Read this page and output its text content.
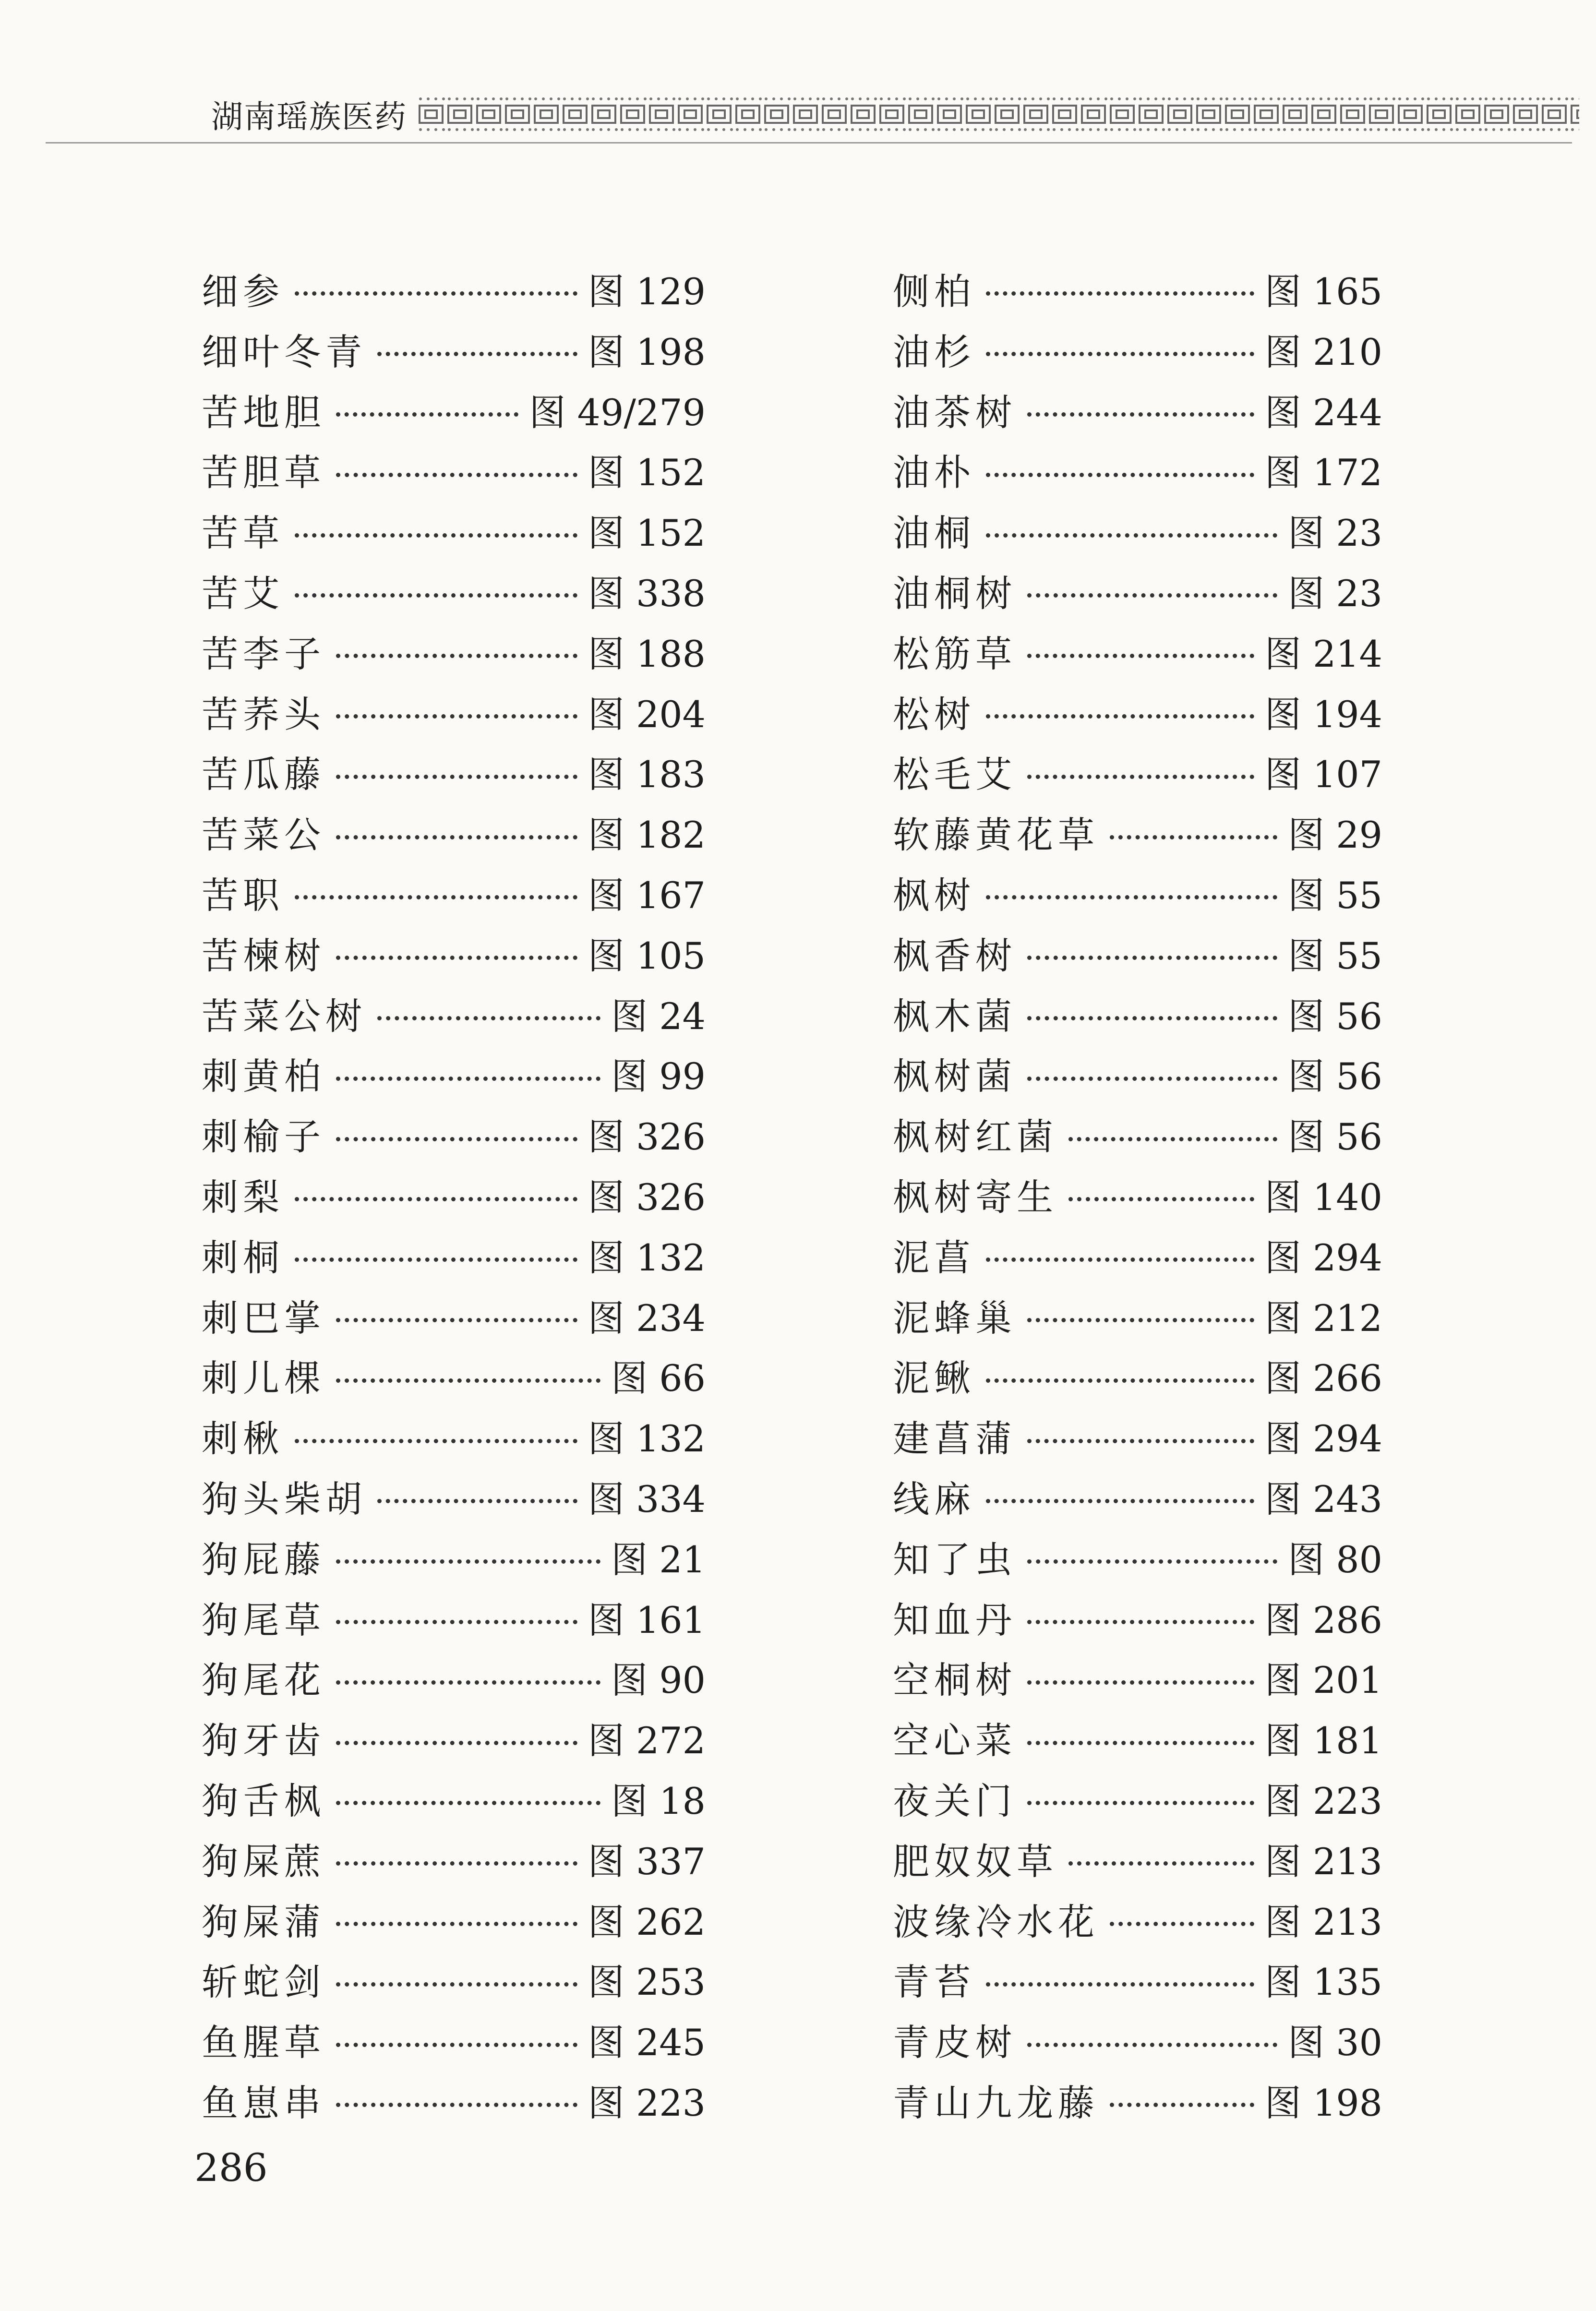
湖南瑶族医药
细参	图 129
细叶冬青	图 198
苦地胆	图 49/279
苦胆草	图 152
苦草	图 152
苦艾	图 338
苦李子	图 188
苦荞头	图 204
苦瓜藤	图 183
苦菜公	图 182
苦职	图 167
苦楝树	图 105
苦菜公树	图 24
刺黄柏	图 99
刺榆子	图 326
刺梨	图 326
刺桐	图 132
刺巴掌	图 234
刺儿棵	图 66
刺楸	图 132
狗头柴胡	图 334
狗屁藤	图 21
狗尾草	图 161
狗尾花	图 90
狗牙齿	图 272
狗舌枫	图 18
狗屎蔗	图 337
狗屎蒲	图 262
斩蛇剑	图 253
鱼腥草	图 245
鱼崽串	图 223
侧柏	图 165
油杉	图 210
油茶树	图 244
油朴	图 172
油桐	图 23
油桐树	图 23
松筋草	图 214
松树	图 194
松毛艾	图 107
软藤黄花草	图 29
枫树	图 55
枫香树	图 55
枫木菌	图 56
枫树菌	图 56
枫树红菌	图 56
枫树寄生	图 140
泥菖	图 294
泥蜂巢	图 212
泥鳅	图 266
建菖蒲	图 294
线麻	图 243
知了虫	图 80
知血丹	图 286
空桐树	图 201
空心菜	图 181
夜关门	图 223
肥奴奴草	图 213
波缘冷水花	图 213
青苔	图 135
青皮树	图 30
青山九龙藤	图 198
286
